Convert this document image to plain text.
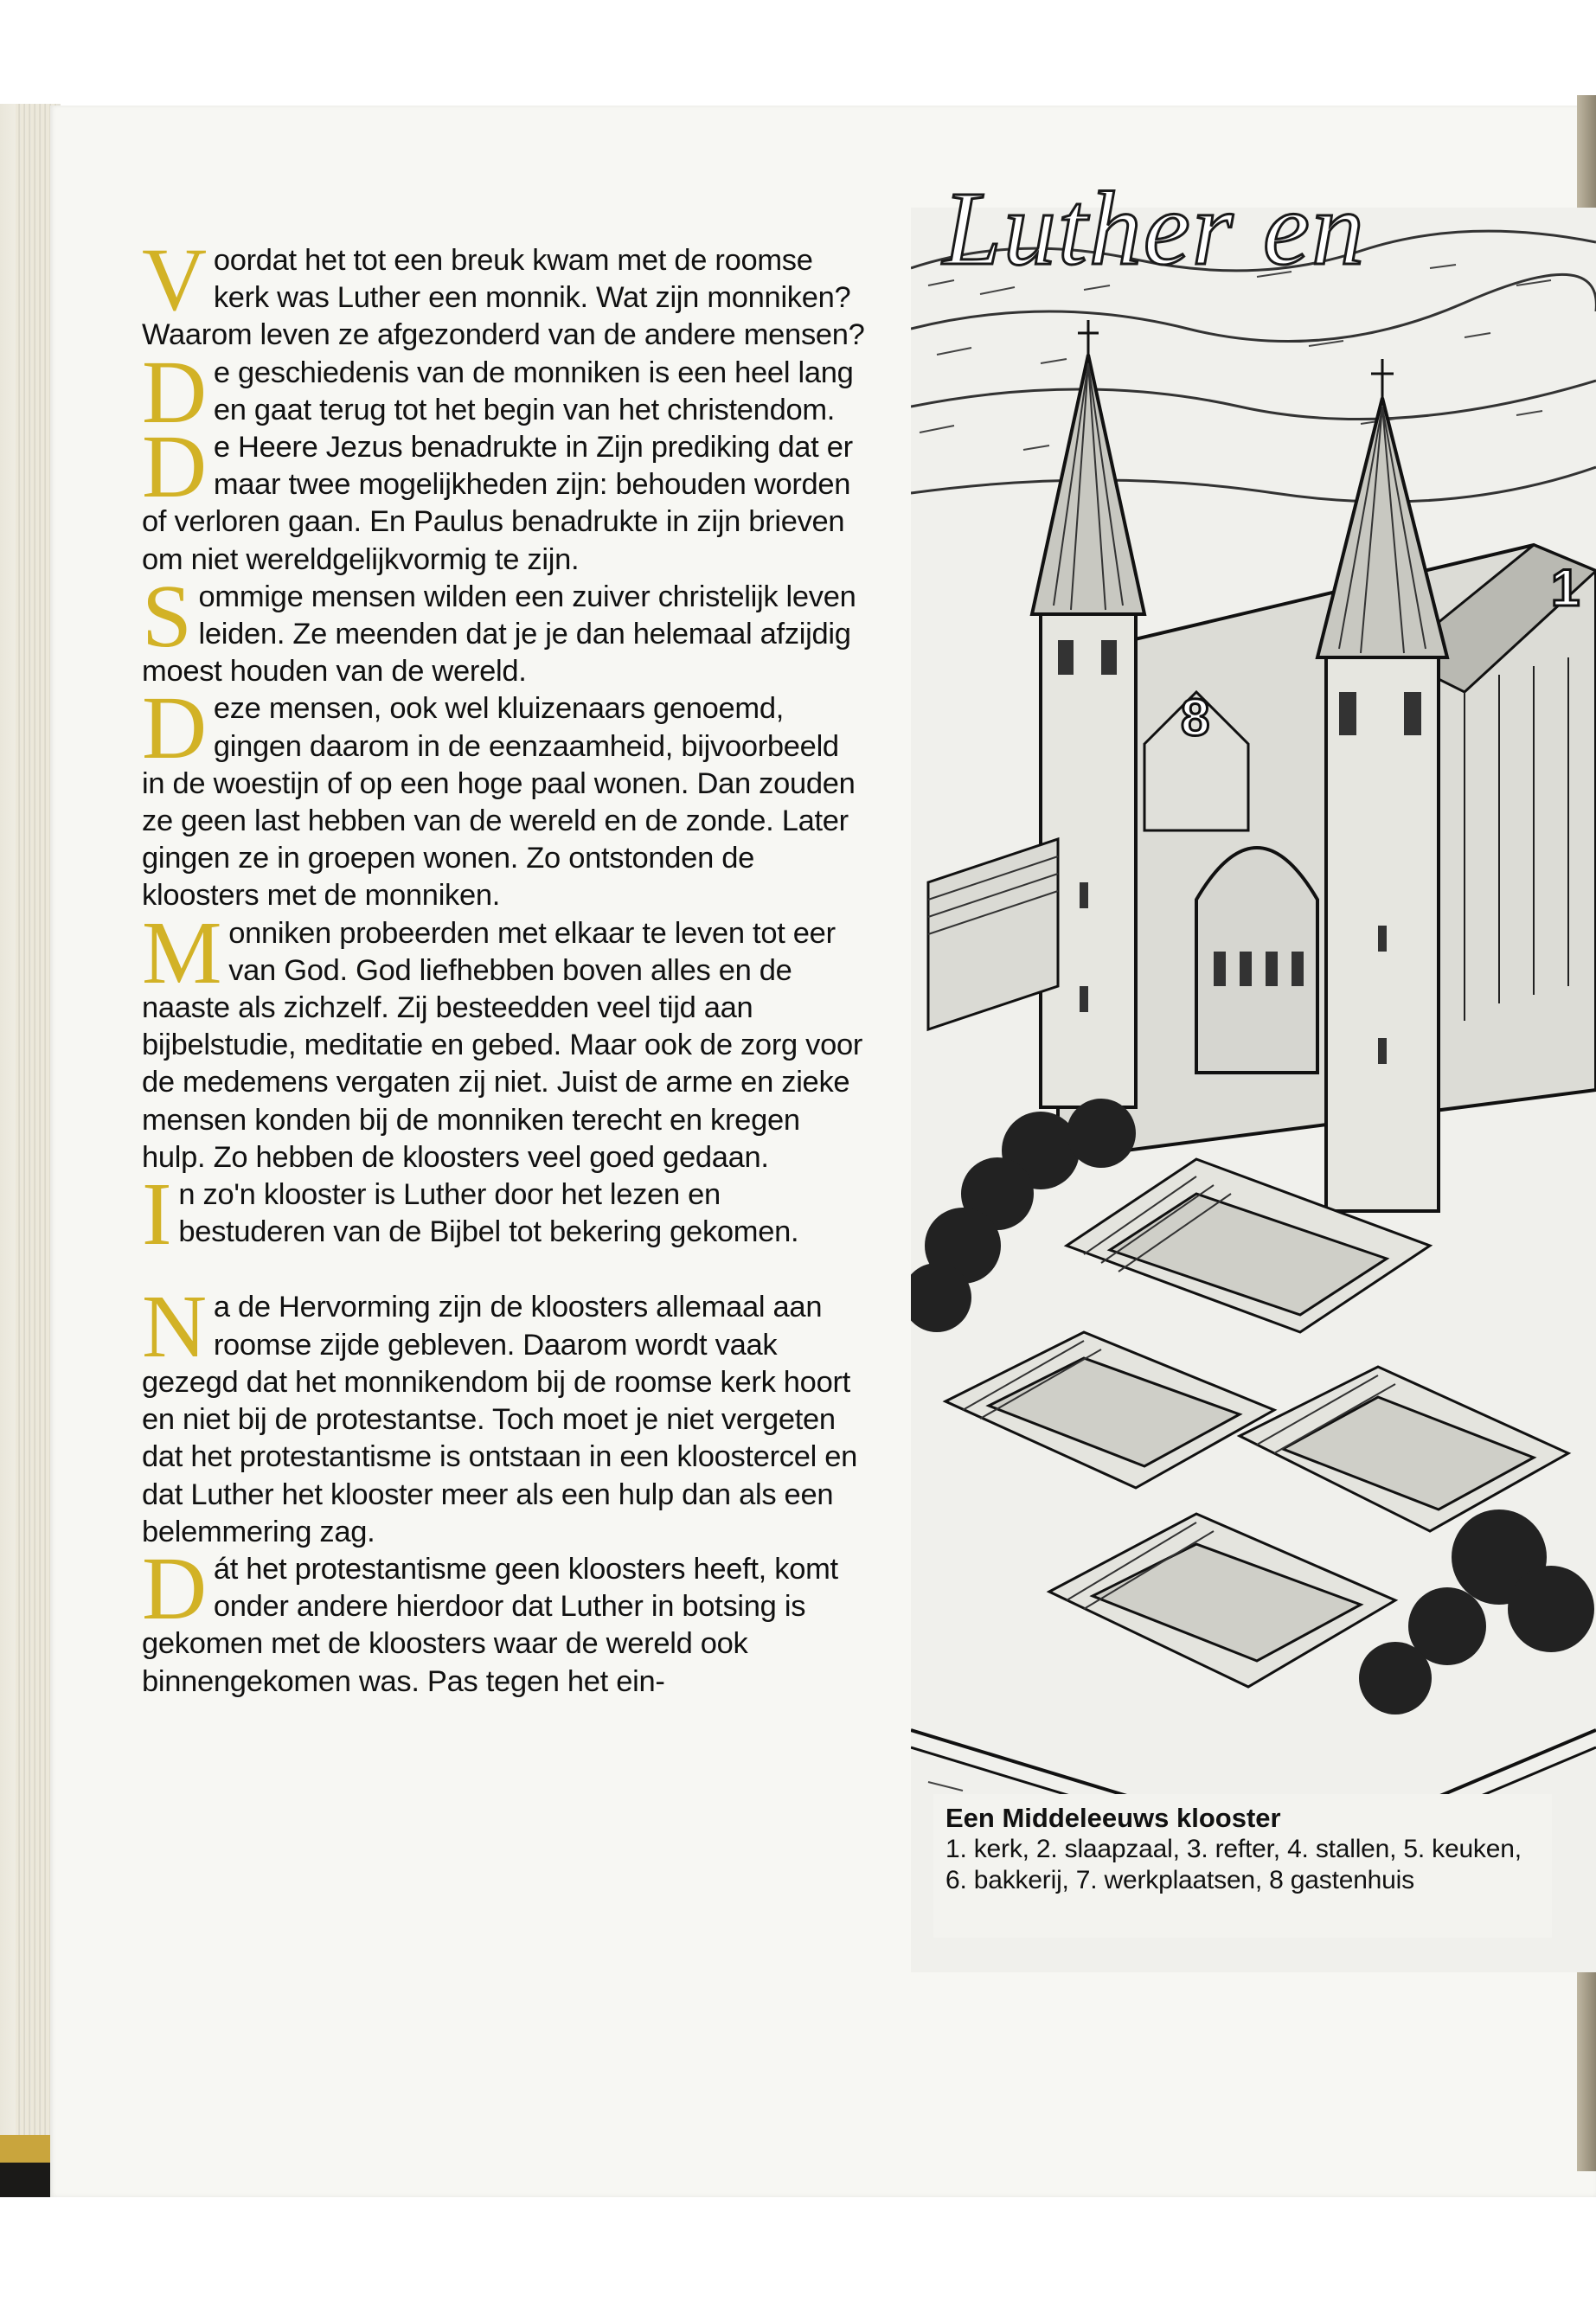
8
1
Luther en
Een Middeleeuws klooster
1. kerk, 2. slaapzaal, 3. refter, 4. stallen, 5. keuken, 6. bakkerij, 7. werkplaatsen, 8 gastenhuis

Voordat het tot een breuk kwam met de roomse kerk was Luther een monnik. Wat zijn monniken? Waarom leven ze afgezonderd van de andere mensen?

De geschiedenis van de monniken is een heel lang en gaat terug tot het begin van het christendom.

De Heere Jezus benadrukte in Zijn prediking dat er maar twee mogelijkheden zijn: behouden worden of verloren gaan. En Paulus benadrukte in zijn brieven om niet wereldgelijkvormig te zijn.

Sommige mensen wilden een zuiver christelijk leven leiden. Ze meenden dat je je dan helemaal afzijdig moest houden van de wereld.

Deze mensen, ook wel kluizenaars genoemd, gingen daarom in de eenzaamheid, bijvoorbeeld in de woestijn of op een hoge paal wonen. Dan zouden ze geen last hebben van de wereld en de zonde. Later gingen ze in groepen wonen. Zo ontstonden de kloosters met de monniken.

Monniken probeerden met elkaar te leven tot eer van God. God liefhebben boven alles en de naaste als zichzelf. Zij besteedden veel tijd aan bijbelstudie, meditatie en gebed. Maar ook de zorg voor de medemens vergaten zij niet. Juist de arme en zieke mensen konden bij de monniken terecht en kregen hulp. Zo hebben de kloosters veel goed gedaan.

In zo'n klooster is Luther door het lezen en bestuderen van de Bijbel tot bekering gekomen.

Na de Hervorming zijn de kloosters allemaal aan roomse zijde gebleven. Daarom wordt vaak gezegd dat het monnikendom bij de roomse kerk hoort en niet bij de protestantse. Toch moet je niet vergeten dat het protestantisme is ontstaan in een kloostercel en dat Luther het klooster meer als een hulp dan als een belemmering zag.

Dát het protestantisme geen kloosters heeft, komt onder andere hierdoor dat Luther in botsing is gekomen met de kloosters waar de wereld ook binnengekomen was. Pas tegen het ein-
